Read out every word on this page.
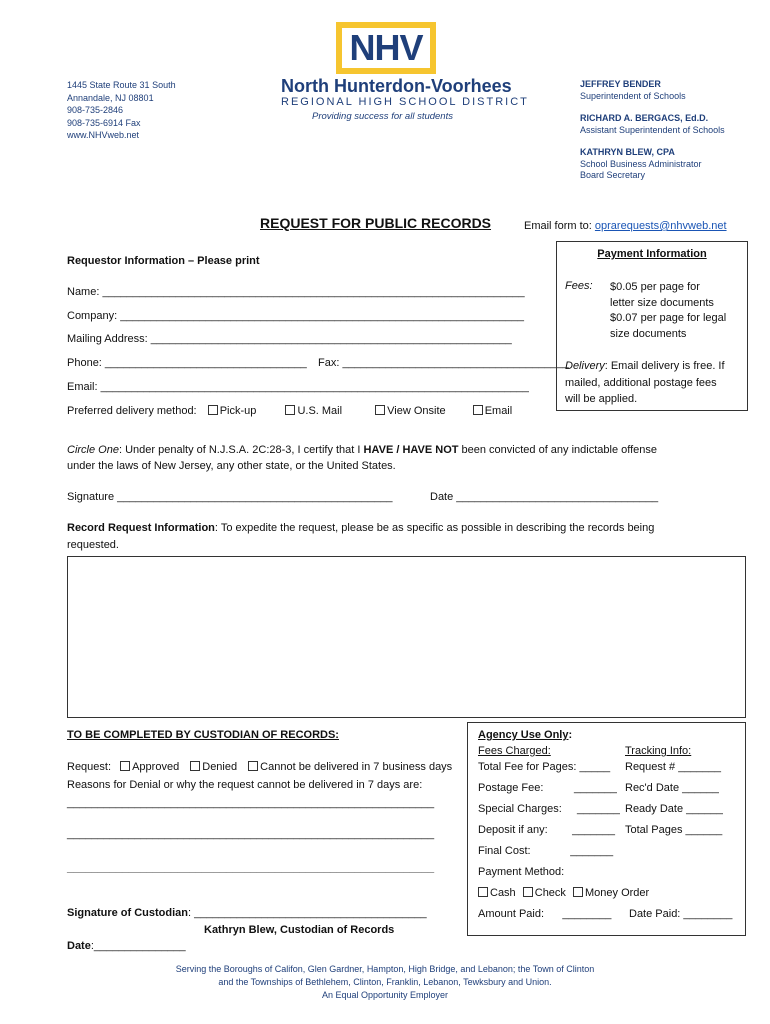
NHV
North Hunterdon-Voorhees
REGIONAL HIGH SCHOOL DISTRICT
Providing success for all students
1445 State Route 31 South
Annandale, NJ 08801
908-735-2846
908-735-6914 Fax
www.NHVweb.net
JEFFREY BENDER
Superintendent of Schools
RICHARD A. BERGACS, Ed.D.
Assistant Superintendent of Schools
KATHRYN BLEW, CPA
School Business Administrator
Board Secretary
REQUEST FOR PUBLIC RECORDS	Email form to: oprarequests@nhvweb.net
Requestor Information – Please print
Name: _____________________________________________________________________
Company: __________________________________________________________________
Mailing Address: ___________________________________________________________
Phone: _________________________________ Fax: _____________________________________
Email: ______________________________________________________________________
Preferred delivery method: Pick-up	U.S. Mail	View Onsite	Email
Payment Information
Fees: $0.05 per page for
letter size documents
$0.07 per page for legal
size documents
Delivery: Email delivery is free. If
mailed, additional postage fees
will be applied.
Circle One: Under penalty of N.J.S.A. 2C:28-3, I certify that I HAVE / HAVE NOT been convicted of any indictable offense
under the laws of New Jersey, any other state, or the United States.
Signature _____________________________________________	Date _________________________________
Record Request Information: To expedite the request, please be as specific as possible in describing the records being
requested.
TO BE COMPLETED BY CUSTODIAN OF RECORDS:
Request: Approved Denied Cannot be delivered in 7 business days
Reasons for Denial or why the request cannot be delivered in 7 days are:
____________________________________________________________
____________________________________________________________
____________________________________________________________
Signature of Custodian: ______________________________________
Kathryn Blew, Custodian of Records
Date:_______________
Agency Use Only:
Fees Charged:	Tracking Info:
Total Fee for Pages: _____ Request # _______
Postage Fee:          _______ Rec'd Date ______
Special Charges:     _______ Ready Date ______
Deposit if any:        _______ Total Pages ______
Final Cost:             _______
Payment Method:
Cash Check Money Order
Amount Paid:      ________ Date Paid: ________
Serving the Boroughs of Califon, Glen Gardner, Hampton, High Bridge, and Lebanon; the Town of Clinton
and the Townships of Bethlehem, Clinton, Franklin, Lebanon, Tewksbury and Union.
An Equal Opportunity Employer
